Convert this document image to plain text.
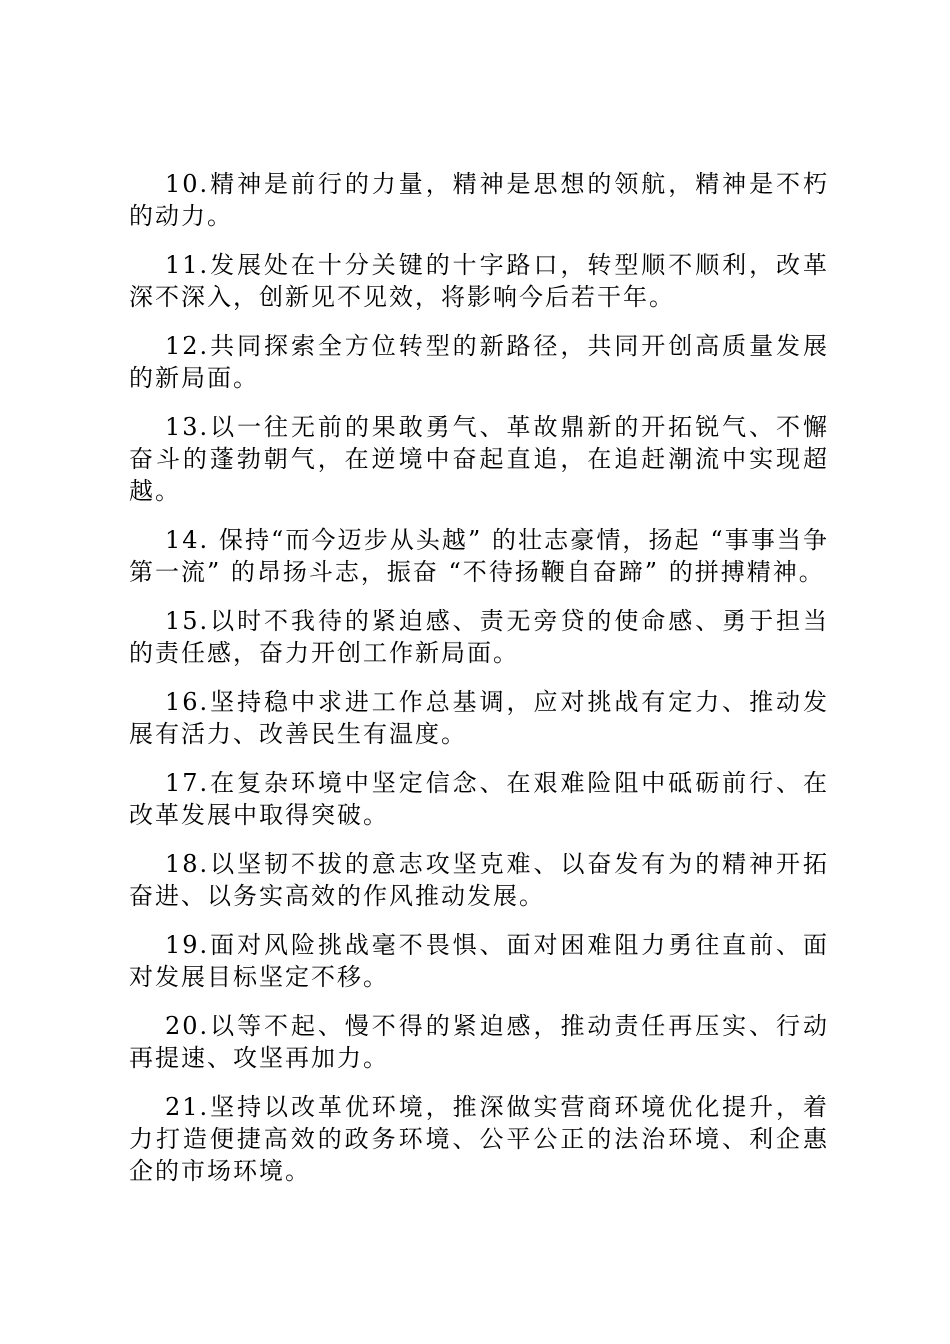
10.精神是前行的力量，精神是思想的领航，精神是不朽的动力。

11.发展处在十分关键的十字路口，转型顺不顺利，改革深不深入，创新见不见效，将影响今后若干年。

12.共同探索全方位转型的新路径，共同开创高质量发展的新局面。

13.以一往无前的果敢勇气、革故鼎新的开拓锐气、不懈奋斗的蓬勃朝气，在逆境中奋起直追，在追赶潮流中实现超越。

14. 保持“而今迈步从头越” 的壮志豪情，扬起 “事事当争第一流” 的昂扬斗志，振奋 “不待扬鞭自奋蹄” 的拼搏精神。

15.以时不我待的紧迫感、责无旁贷的使命感、勇于担当的责任感，奋力开创工作新局面。

16.坚持稳中求进工作总基调，应对挑战有定力、推动发展有活力、改善民生有温度。

17.在复杂环境中坚定信念、在艰难险阻中砥砺前行、在改革发展中取得突破。

18.以坚韧不拔的意志攻坚克难、以奋发有为的精神开拓奋进、以务实高效的作风推动发展。

19.面对风险挑战毫不畏惧、面对困难阻力勇往直前、面对发展目标坚定不移。

20.以等不起、慢不得的紧迫感，推动责任再压实、行动再提速、攻坚再加力。

21.坚持以改革优环境，推深做实营商环境优化提升，着力打造便捷高效的政务环境、公平公正的法治环境、利企惠企的市场环境。
